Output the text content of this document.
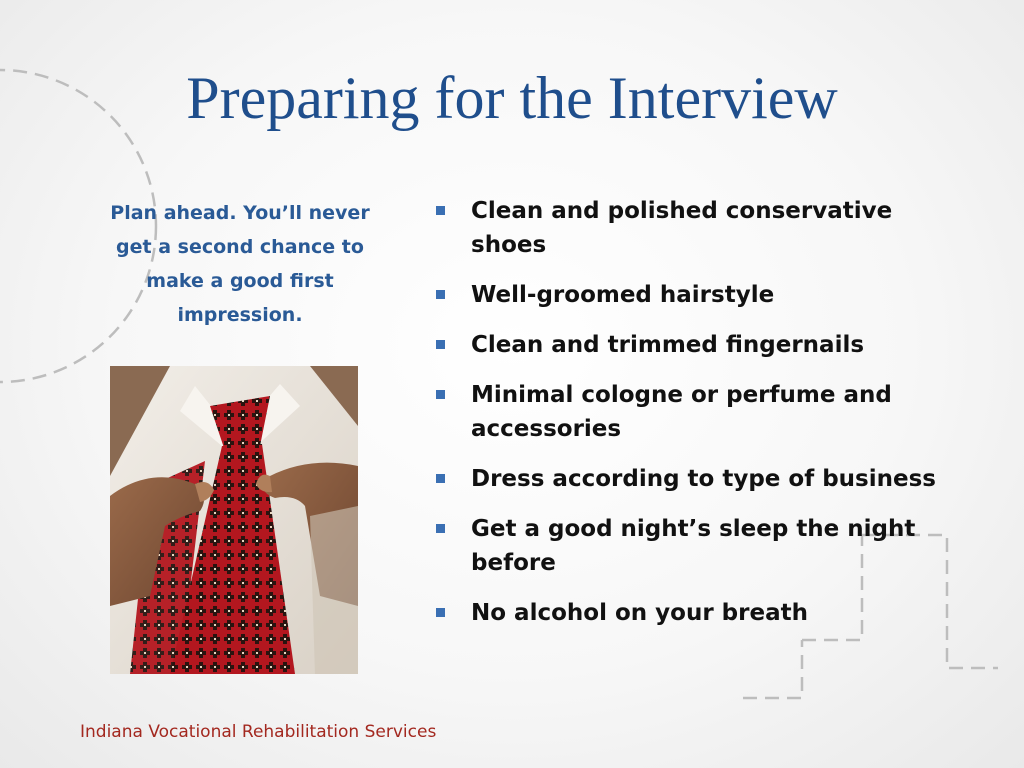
Preparing for the Interview
Plan ahead. You’ll never get a second chance to make a good first impression.
Clean and polished conservative shoes
Well-groomed hairstyle
Clean and trimmed fingernails
Minimal cologne or perfume and accessories
Dress according to type of business
Get a good night’s sleep the night before
No alcohol on your breath
Indiana Vocational Rehabilitation Services
